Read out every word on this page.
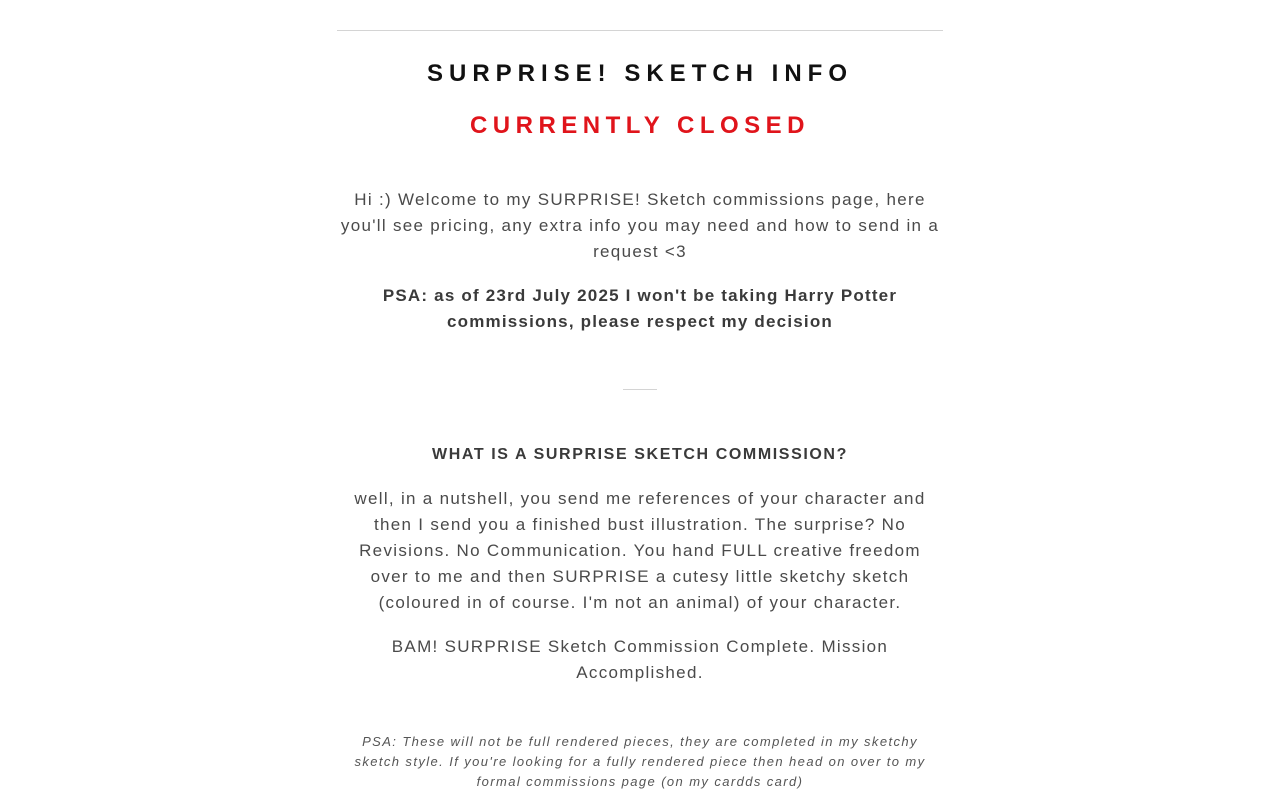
SURPRISE! SKETCH INFO
CURRENTLY CLOSED

Hi :) Welcome to my SURPRISE! Sketch commissions page, here you'll see pricing, any extra info you may need and how to send in a request <3

PSA: as of 23rd July 2025 I won't be taking Harry Potter commissions, please respect my decision

WHAT IS A SURPRISE SKETCH COMMISSION?

well, in a nutshell, you send me references of your character and then I send you a finished bust illustration. The surprise? No Revisions. No Communication. You hand FULL creative freedom over to me and then SURPRISE a cutesy little sketchy sketch (coloured in of course. I'm not an animal) of your character.

BAM! SURPRISE Sketch Commission Complete. Mission Accomplished.

PSA: These will not be full rendered pieces, they are completed in my sketchy sketch style. If you're looking for a fully rendered piece then head on over to my formal commissions page (on my cardds card)
